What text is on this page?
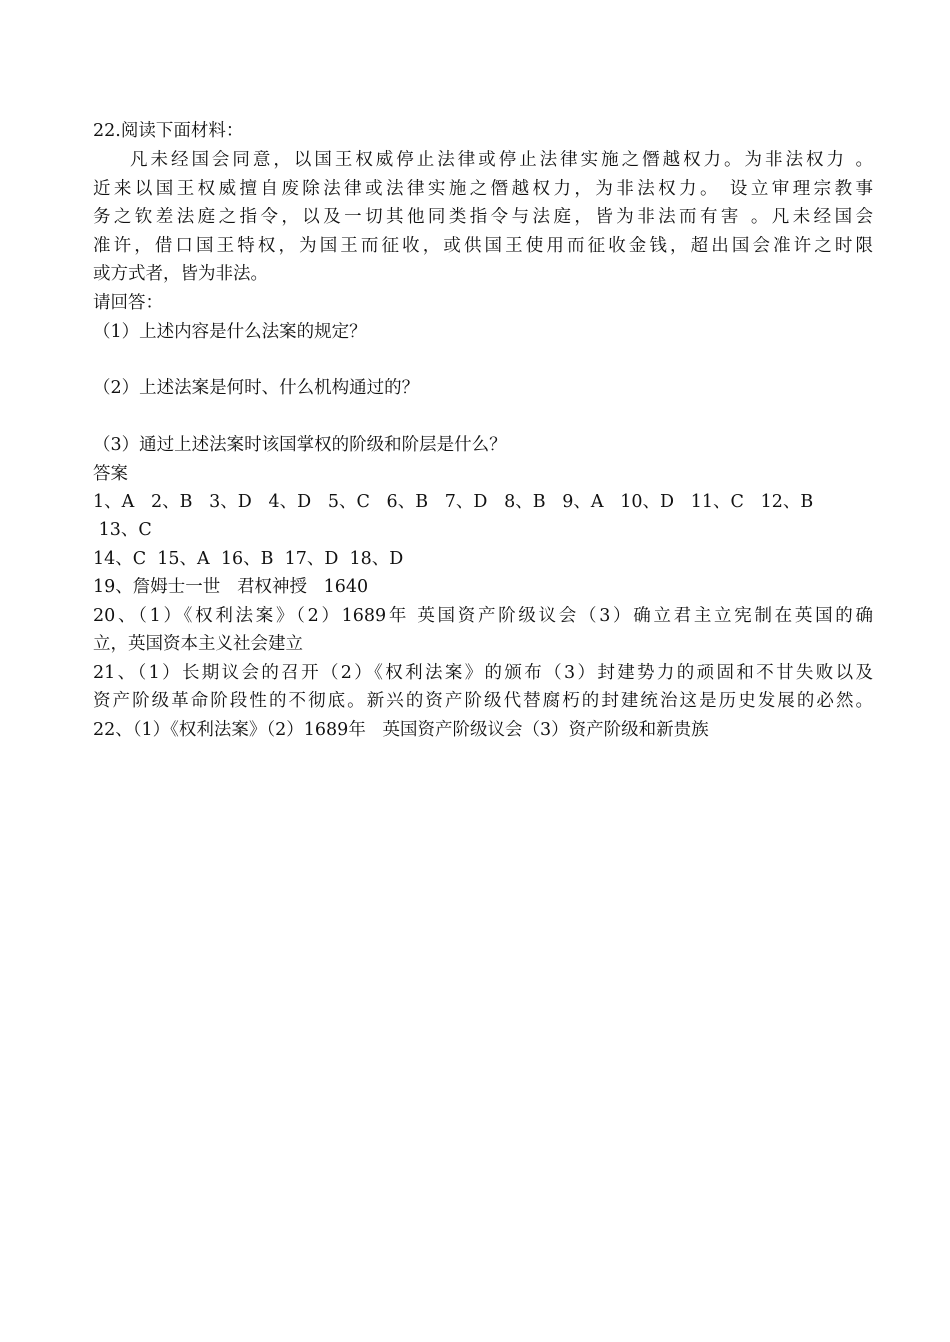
22.阅读下面材料：
凡未经国会同意，以国王权威停止法律或停止法律实施之僭越权力。为非法权力 。
近来以国王权威擅自废除法律或法律实施之僭越权力，为非法权力。 设立审理宗教事
务之钦差法庭之指令，以及一切其他同类指令与法庭，皆为非法而有害 。凡未经国会
准许，借口国王特权，为国王而征收，或供国王使用而征收金钱，超出国会准许之时限
或方式者，皆为非法。
请回答：
（1）上述内容是什么法案的规定？
（2）上述法案是何时、什么机构通过的？
（3）通过上述法案时该国掌权的阶级和阶层是什么？
答案
1、A   2、B   3、D   4、D   5、C   6、B   7、D   8、B   9、A   10、D   11、C   12、B
13、C
14、C  15、A  16、B  17、D  18、D
19、詹姆士一世   君权神授   1640
20、（1）《权利法案》（2）1689年 英国资产阶级议会（3）确立君主立宪制在英国的确
立，英国资本主义社会建立
21、（1）长期议会的召开（2）《权利法案》的颁布（3）封建势力的顽固和不甘失败以及
资产阶级革命阶段性的不彻底。新兴的资产阶级代替腐朽的封建统治这是历史发展的必然。
22、（1）《权利法案》（2）1689年   英国资产阶级议会（3）资产阶级和新贵族
